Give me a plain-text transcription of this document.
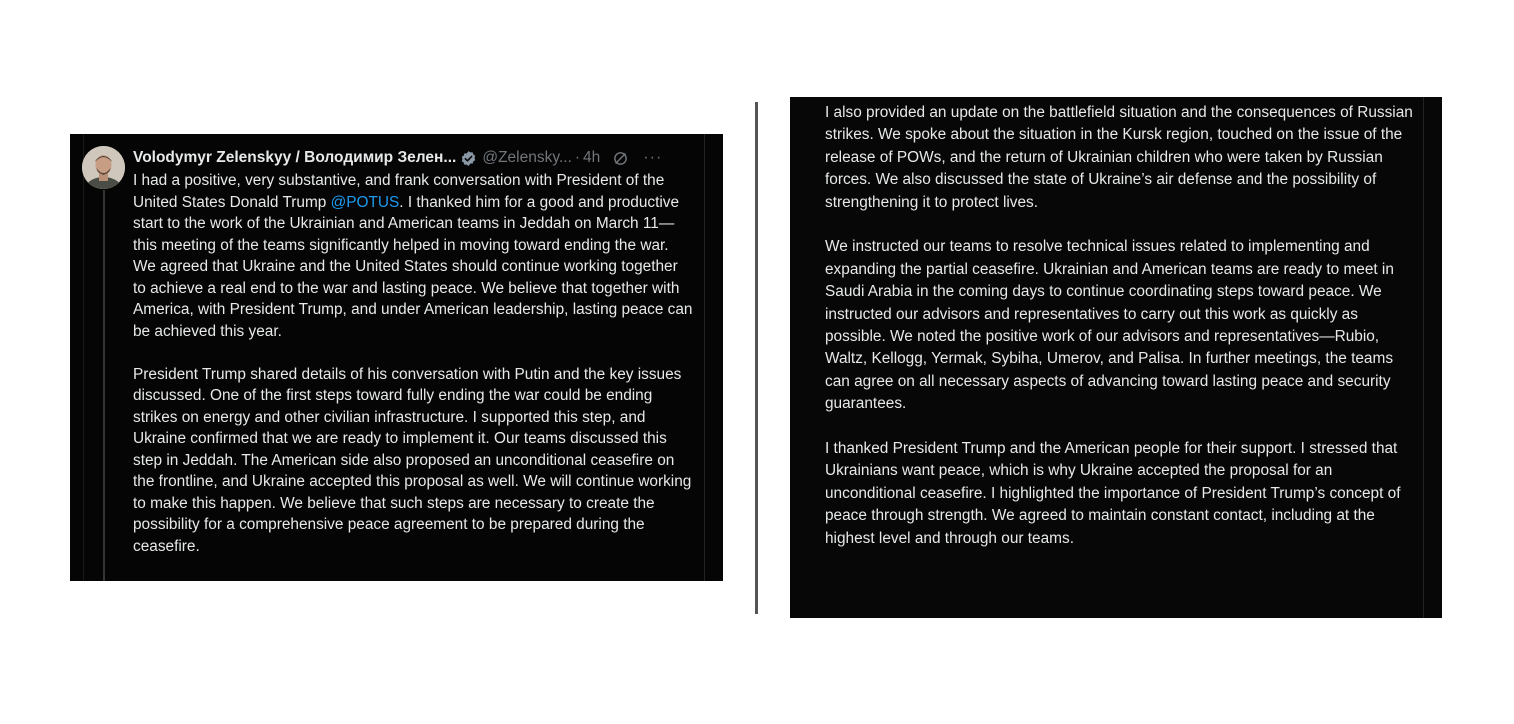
Volodymyr Zelenskyy / Володимир Зелен... @Zelensky... · 4h	···

I had a positive, very substantive, and frank conversation with President of the United States Donald Trump @POTUS. I thanked him for a good and productive start to the work of the Ukrainian and American teams in Jeddah on March 11—this meeting of the teams significantly helped in moving toward ending the war. We agreed that Ukraine and the United States should continue working together to achieve a real end to the war and lasting peace. We believe that together with America, with President Trump, and under American leadership, lasting peace can be achieved this year.

President Trump shared details of his conversation with Putin and the key issues discussed. One of the first steps toward fully ending the war could be ending strikes on energy and other civilian infrastructure. I supported this step, and Ukraine confirmed that we are ready to implement it. Our teams discussed this step in Jeddah. The American side also proposed an unconditional ceasefire on the frontline, and Ukraine accepted this proposal as well. We will continue working to make this happen. We believe that such steps are necessary to create the possibility for a comprehensive peace agreement to be prepared during the ceasefire.

I also provided an update on the battlefield situation and the consequences of Russian strikes. We spoke about the situation in the Kursk region, touched on the issue of the release of POWs, and the return of Ukrainian children who were taken by Russian forces. We also discussed the state of Ukraine’s air defense and the possibility of strengthening it to protect lives.

We instructed our teams to resolve technical issues related to implementing and expanding the partial ceasefire. Ukrainian and American teams are ready to meet in Saudi Arabia in the coming days to continue coordinating steps toward peace. We instructed our advisors and representatives to carry out this work as quickly as possible. We noted the positive work of our advisors and representatives—Rubio, Waltz, Kellogg, Yermak, Sybiha, Umerov, and Palisa. In further meetings, the teams can agree on all necessary aspects of advancing toward lasting peace and security guarantees.

I thanked President Trump and the American people for their support. I stressed that Ukrainians want peace, which is why Ukraine accepted the proposal for an unconditional ceasefire. I highlighted the importance of President Trump’s concept of peace through strength. We agreed to maintain constant contact, including at the highest level and through our teams.
